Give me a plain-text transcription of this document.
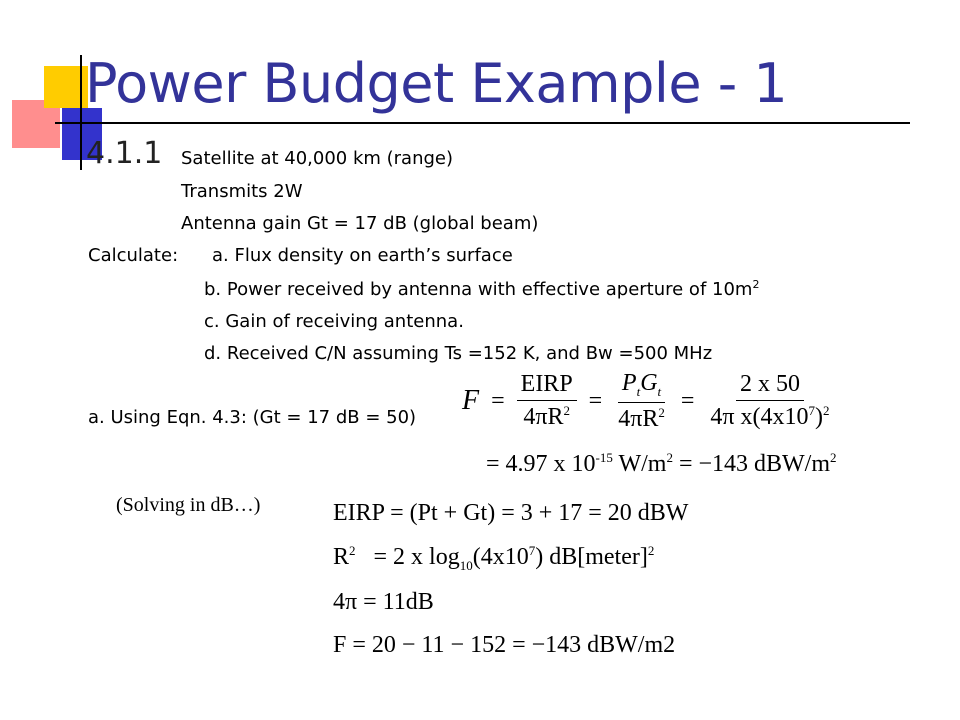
Power Budget Example - 1
4.1.1 Satellite at 40,000 km (range)
Transmits 2W
Antenna gain Gt = 17 dB (global beam)
Calculate: a. Flux density on earth’s surface
b. Power received by antenna with effective aperture of $10m^2$
c. Gain of receiving antenna.
d. Received C/N assuming Ts =152 K, and Bw =500 MHz
a. Using Eqn. 4.3: (Gt = 17 dB = 50)
$F = \frac{\text{EIRP}}{4\pi R^2} = \frac{P_tG_t}{4\pi R^2} = \frac{2 x 50}{4\pi x(4x10^7)^2}$
= 4.97 x $10^{-15}$ $W/m^2 = -143$ dBW/$m^2$
(Solving in dB…)	EIRP = (Pt + Gt) = 3 + 17 = 20 dBW
$R^2 = 2$ x $\log_{10}(4x10^7)$ dB[meter]$^2$
4π = 11dB
F = 20 − 11 − 152 = −143 dBW/m2
